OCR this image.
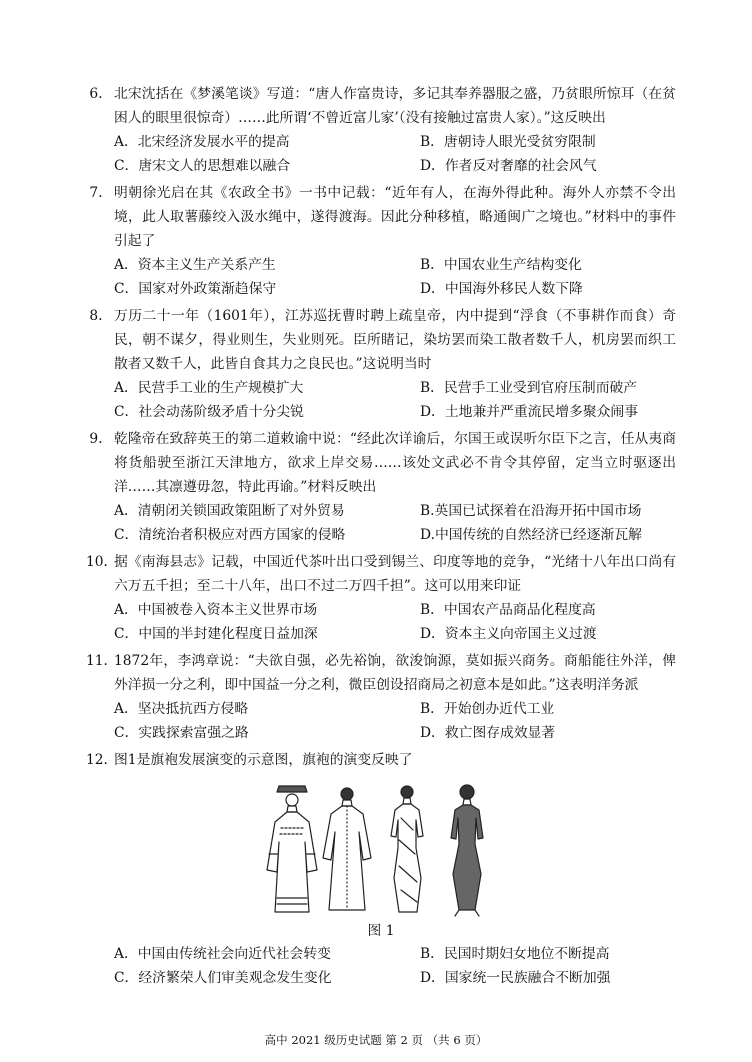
6． 北宋沈括在《梦溪笔谈》写道：“唐人作富贵诗，多记其奉养器服之盛，乃贫眼所惊耳（在贫困人的眼里很惊奇）……此所谓‘不曾近富儿家’（没有接触过富贵人家）。”这反映出
A．北宋经济发展水平的提高	B．唐朝诗人眼光受贫穷限制
C．唐宋文人的思想难以融合	D．作者反对奢靡的社会风气
7． 明朝徐光启在其《农政全书》一书中记载：“近年有人，在海外得此种。海外人亦禁不令出境，此人取薯藤绞入汲水绳中，遂得渡海。因此分种移植，略通闽广之境也。”材料中的事件引起了
A．资本主义生产关系产生	B．中国农业生产结构变化
C．国家对外政策渐趋保守	D．中国海外移民人数下降
8． 万历二十一年（1601年），江苏巡抚曹时聘上疏皇帝，内中提到“浮食（不事耕作而食）奇民，朝不谋夕，得业则生，失业则死。臣所睹记，染坊罢而染工散者数千人，机房罢而织工散者又数千人，此皆自食其力之良民也。”这说明当时
A．民营手工业的生产规模扩大	B．民营手工业受到官府压制而破产
C．社会动荡阶级矛盾十分尖锐	D．土地兼并严重流民增多聚众闹事
9． 乾隆帝在致辞英王的第二道敕谕中说：“经此次详谕后，尔国王或误听尔臣下之言，任从夷商将货船驶至浙江天津地方，欲求上岸交易……该处文武必不肯令其停留，定当立时驱逐出洋……其凛遵毋忽，特此再谕。”材料反映出
A．清朝闭关锁国政策阻断了对外贸易	B.英国已试探着在沿海开拓中国市场
C．清统治者积极应对西方国家的侵略	D.中国传统的自然经济已经逐渐瓦解
10．
据《南海县志》记载，中国近代茶叶出口受到锡兰、印度等地的竞争，“光绪十八年出口尚有六万五千担；至二十八年，出口不过二万四千担”。这可以用来印证
A．中国被卷入资本主义世界市场	B．中国农产品商品化程度高
C．中国的半封建化程度日益加深	D．资本主义向帝国主义过渡
11．
1872年，李鸿章说：“夫欲自强，必先裕饷，欲浚饷源，莫如振兴商务。商船能往外洋，俾外洋损一分之利，即中国益一分之利，微臣创设招商局之初意本是如此。”这表明洋务派
A．坚决抵抗西方侵略	B．开始创办近代工业
C．实践探索富强之路	D．救亡图存成效显著
12．
图1是旗袍发展演变的示意图，旗袍的演变反映了
图 1
A．中国由传统社会向近代社会转变	B．民国时期妇女地位不断提高
C．经济繁荣人们审美观念发生变化	D．国家统一民族融合不断加强
高中 2021 级历史试题 第 2 页 （共 6 页）
